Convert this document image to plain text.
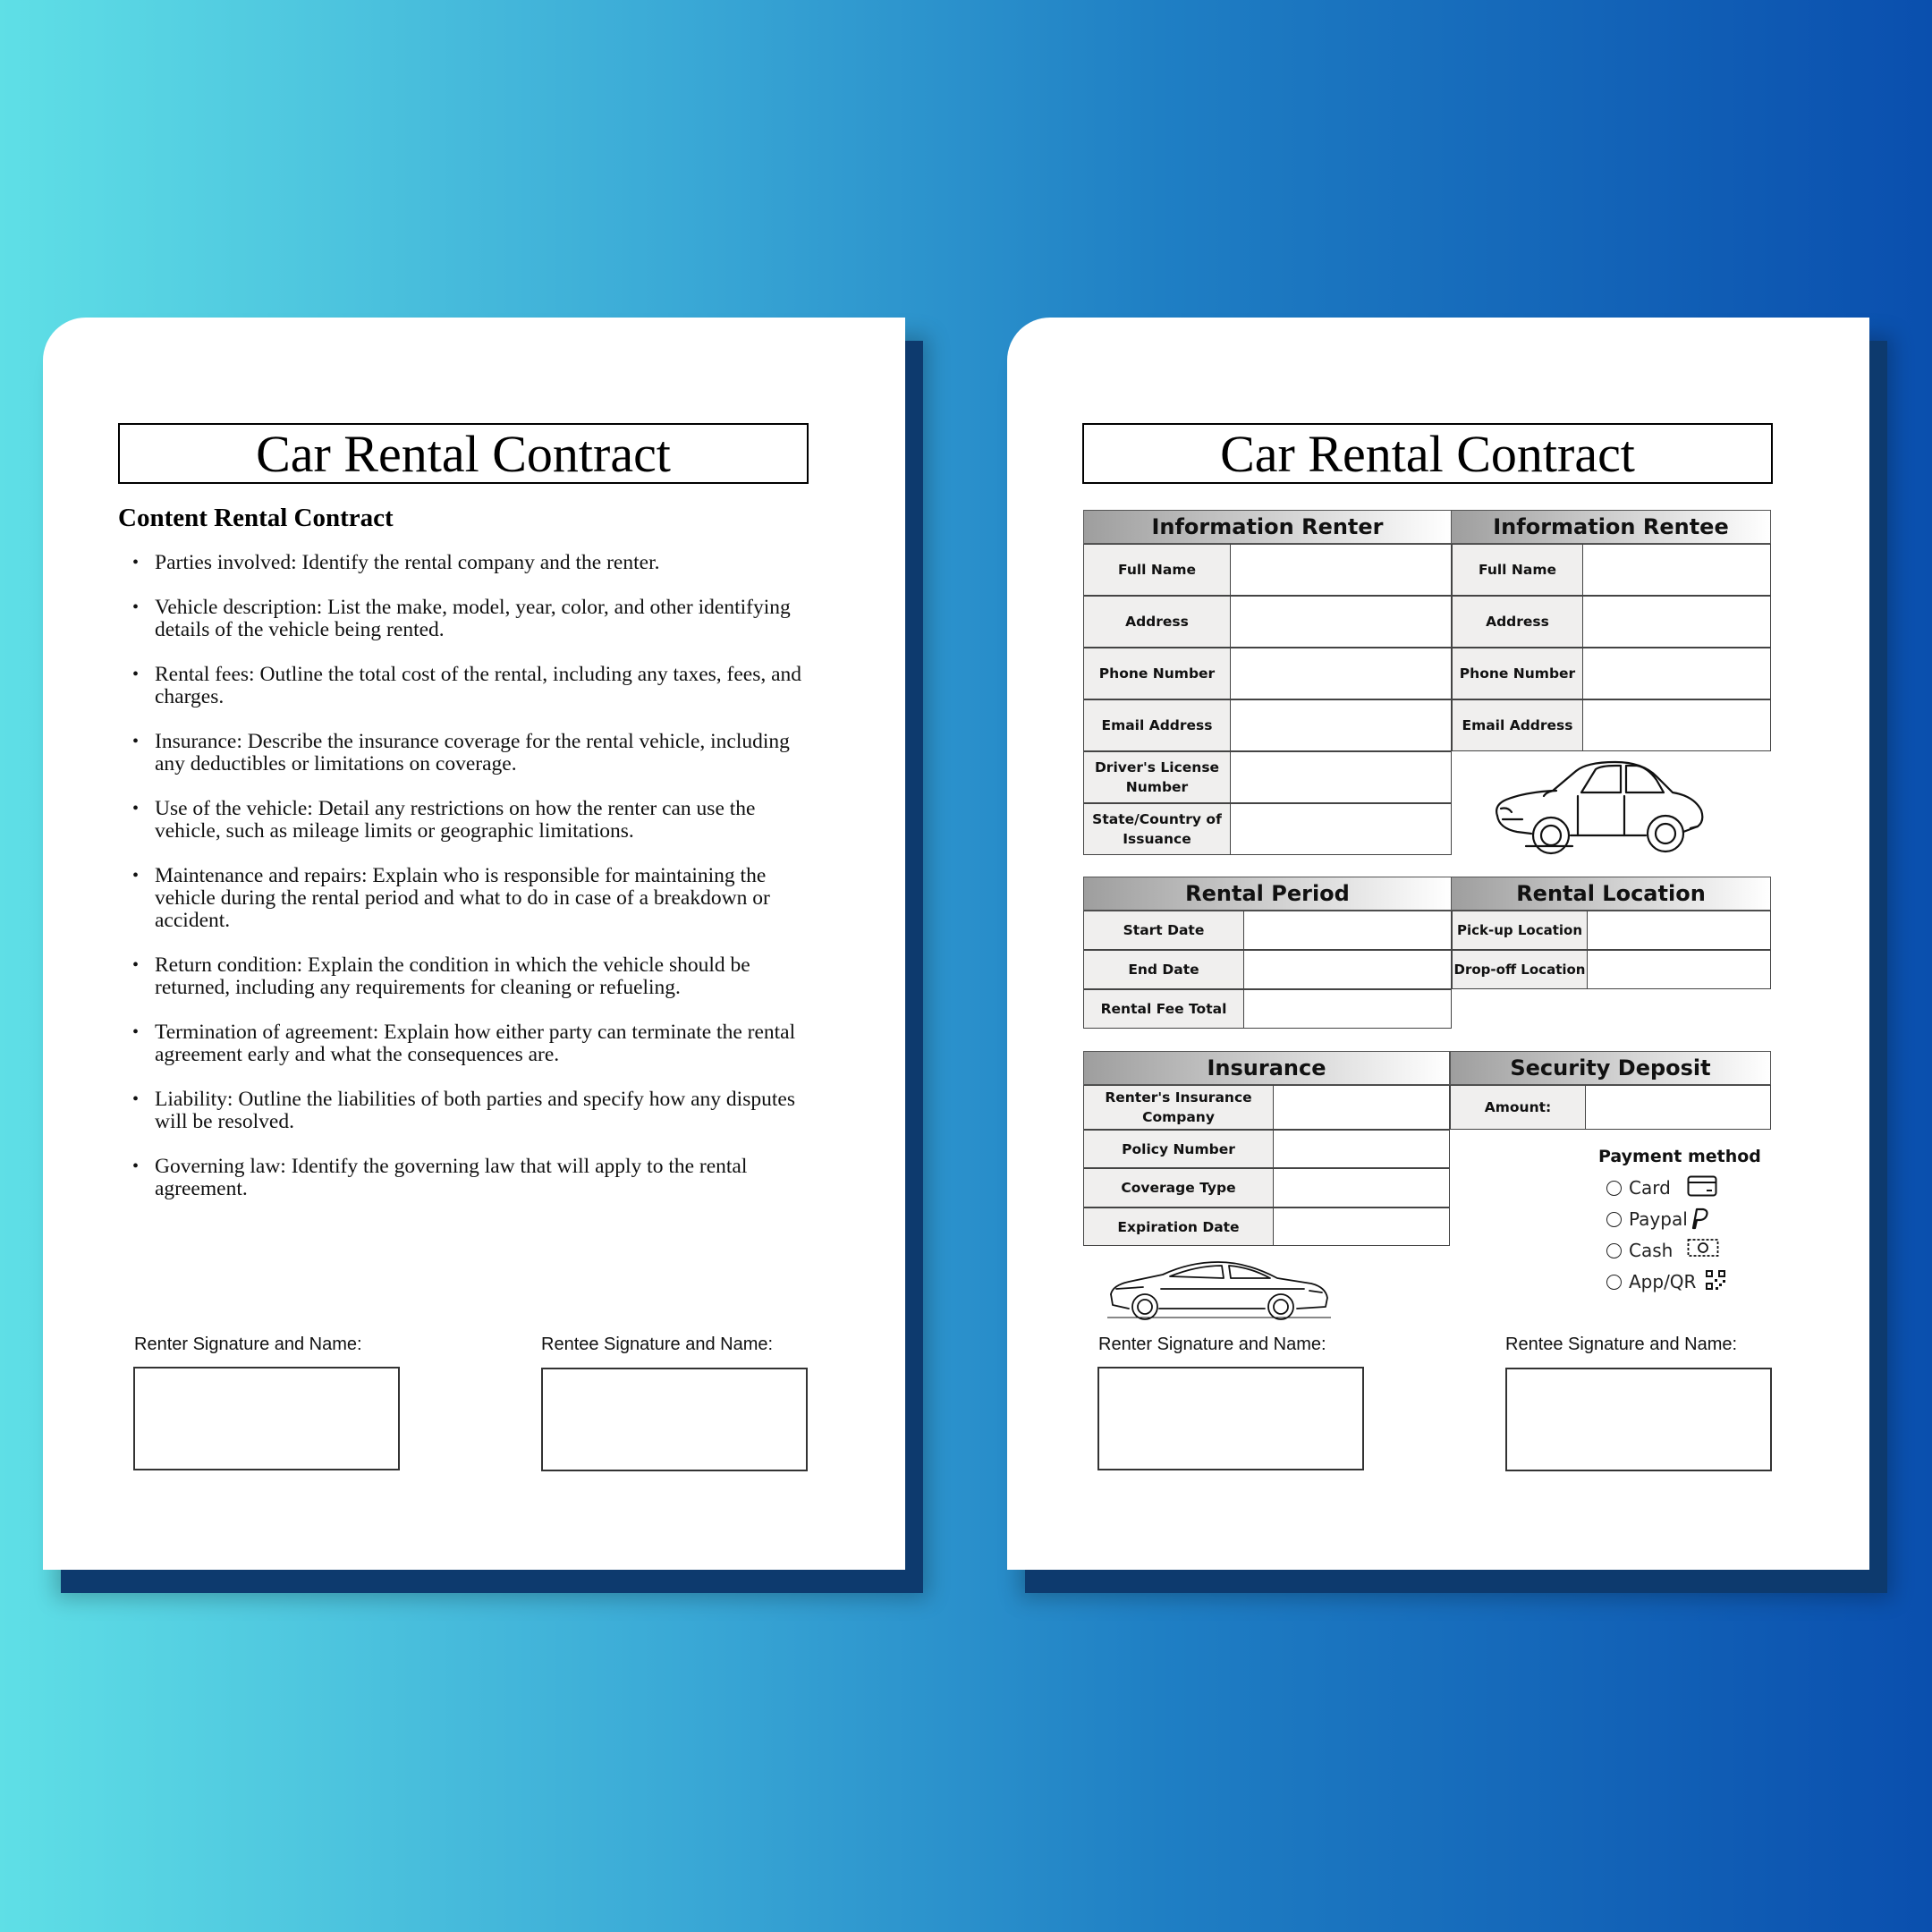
Car Rental Contract
Content Rental Contract
• Parties involved: Identify the rental company and the renter.
• Vehicle description: List the make, model, year, color, and other identifying details of the vehicle being rented.
• Rental fees: Outline the total cost of the rental, including any taxes, fees, and charges.
• Insurance: Describe the insurance coverage for the rental vehicle, including any deductibles or limitations on coverage.
• Use of the vehicle: Detail any restrictions on how the renter can use the vehicle, such as mileage limits or geographic limitations.
• Maintenance and repairs: Explain who is responsible for maintaining the vehicle during the rental period and what to do in case of a breakdown or accident.
• Return condition: Explain the condition in which the vehicle should be returned, including any requirements for cleaning or refueling.
• Termination of agreement: Explain how either party can terminate the rental agreement early and what the consequences are.
• Liability: Outline the liabilities of both parties and specify how any disputes will be resolved.
• Governing law: Identify the governing law that will apply to the rental agreement.
Renter Signature and Name:	Rentee Signature and Name:
Car Rental Contract
Information Renter
Full Name
Address
Phone Number
Email Address
Driver's License Number
State/Country of Issuance
Information Rentee
Full Name
Address
Phone Number
Email Address
Rental Period
Start Date
End Date
Rental Fee Total
Rental Location
Pick-up Location
Drop-off Location
Insurance
Renter's Insurance Company
Policy Number
Coverage Type
Expiration Date
Security Deposit
Amount:
Payment method
Card
Paypal
Cash
App/QR
Renter Signature and Name:	Rentee Signature and Name:
